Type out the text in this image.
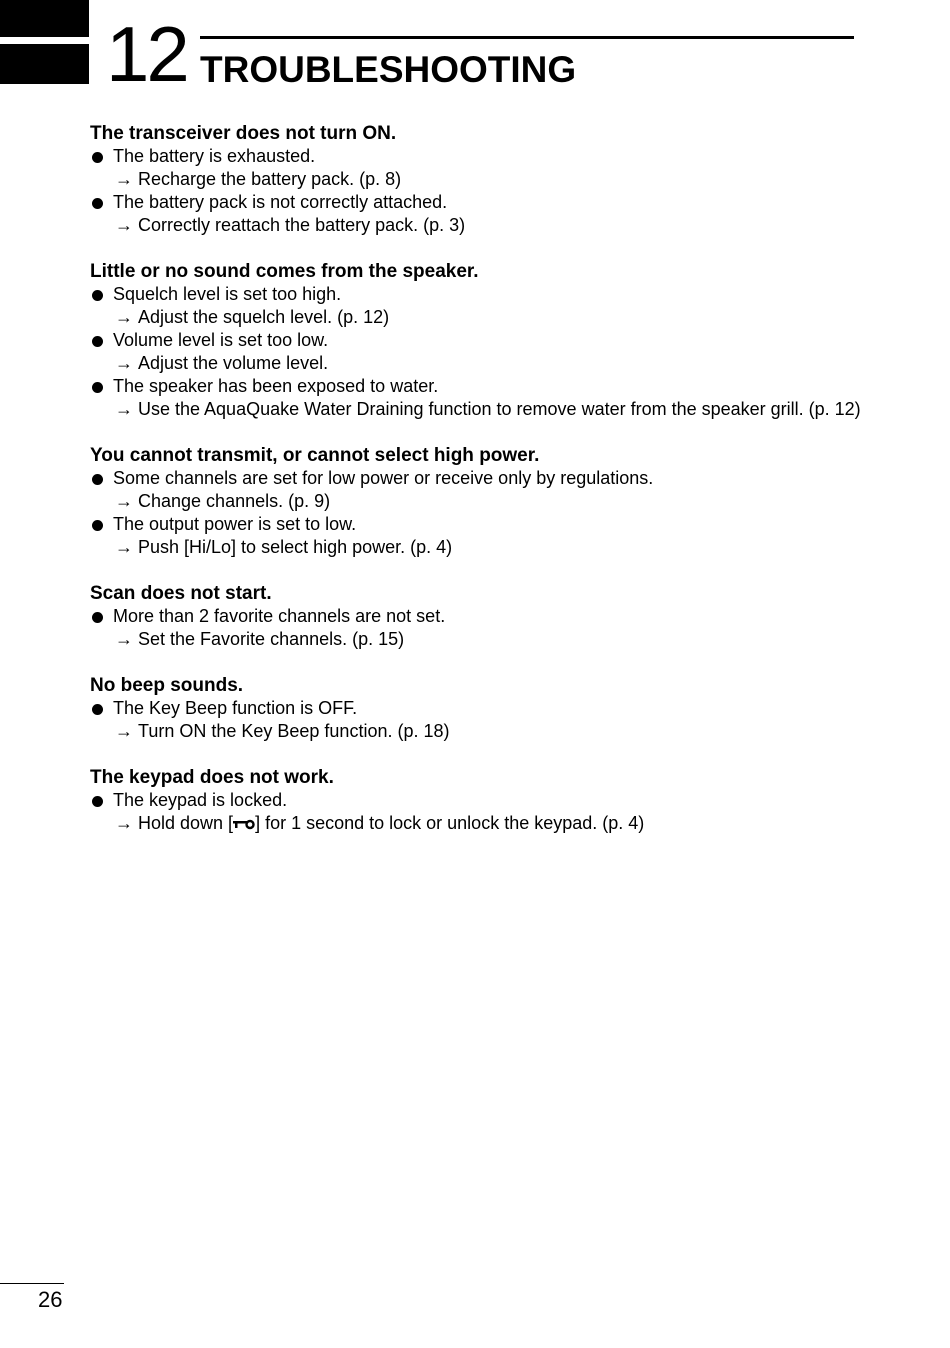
12 TROUBLESHOOTING

The transceiver does not turn ON.

The battery is exhausted.
→ Recharge the battery pack. (p. 8)
The battery pack is not correctly attached.
→ Correctly reattach the battery pack. (p. 3)

Little or no sound comes from the speaker.

Squelch level is set too high.
→ Adjust the squelch level. (p. 12)
Volume level is set too low.
→ Adjust the volume level.
The speaker has been exposed to water.
→ Use the AquaQuake Water Draining function to remove water from the speaker grill. (p. 12)

You cannot transmit, or cannot select high power.

Some channels are set for low power or receive only by regulations.
→ Change channels. (p. 9)
The output power is set to low.
→ Push [Hi/Lo] to select high power. (p. 4)

Scan does not start.

More than 2 favorite channels are not set.
→ Set the Favorite channels. (p. 15)

No beep sounds.

The Key Beep function is OFF.
→ Turn ON the Key Beep function. (p. 18)

The keypad does not work.

The keypad is locked.
→ Hold down [ ] for 1 second to lock or unlock the keypad. (p. 4)
26
